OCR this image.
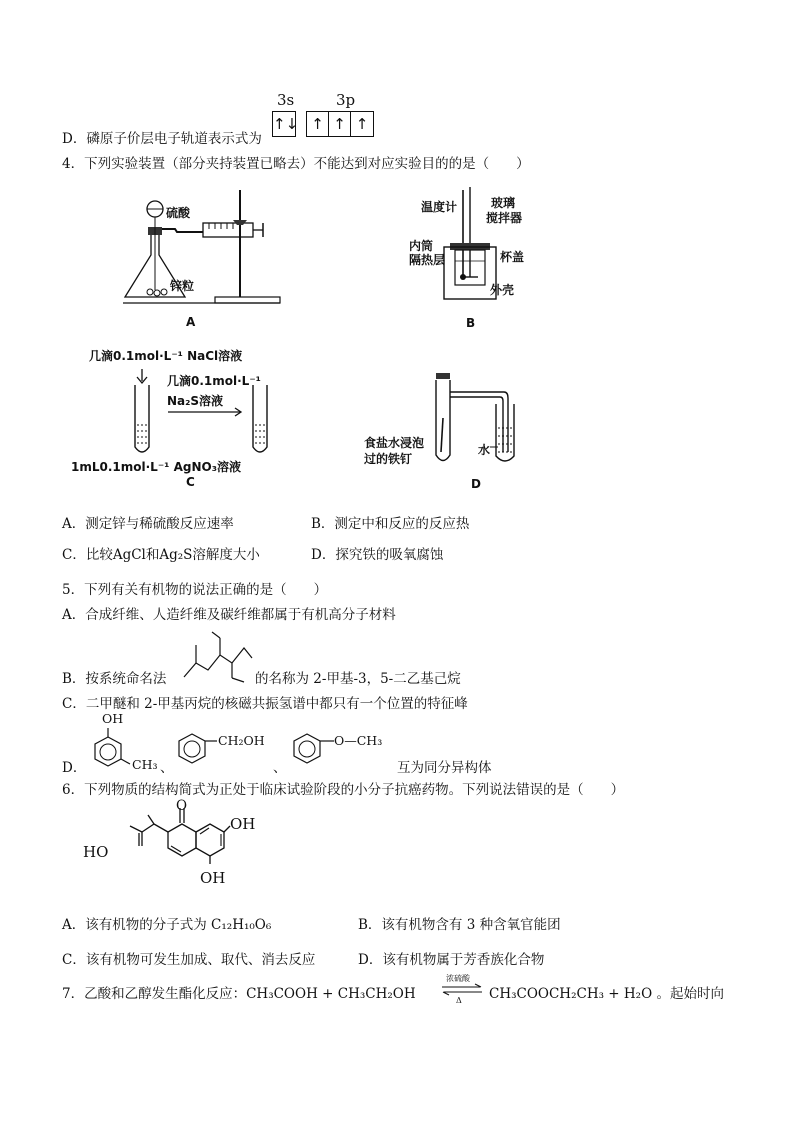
D．磷原子价层电子轨道表示式为
3s	3p
↑↓ ↑ ↑ ↑
4．下列实验装置（部分夹持装置已略去）不能达到对应实验目的的是（　　）
硫酸
锌粒
A
温度计	玻璃
搅拌器
内筒
隔热层	杯盖
外壳
B
几滴0.1mol·L⁻¹ NaCl溶液
几滴0.1mol·L⁻¹
Na₂S溶液
1mL0.1mol·L⁻¹ AgNO₃溶液
C
食盐水浸泡
过的铁钉
水
D
A．测定锌与稀硫酸反应速率	B．测定中和反应的反应热
C．比较AgCl和Ag₂S溶解度大小	D．探究铁的吸氧腐蚀
5．下列有关有机物的说法正确的是（　　）
A．合成纤维、人造纤维及碳纤维都属于有机高分子材料
B．按系统命名法	的名称为 2-甲基-3，5-二乙基己烷
C．二甲醚和 2-甲基丙烷的核磁共振氢谱中都只有一个位置的特征峰
D．
OH
CH₃ 、
CH₂OH
、
O—CH₃
互为同分异构体
6．下列物质的结构简式为正处于临床试验阶段的小分子抗癌药物。下列说法错误的是（　　）
O
OH
HO
OH
A．该有机物的分子式为 C₁₂H₁₀O₆	B．该有机物含有 3 种含氧官能团
C．该有机物可发生加成、取代、消去反应	D．该有机物属于芳香族化合物
7．乙酸和乙醇发生酯化反应：CH₃COOH + CH₃CH₂OH
浓硫酸
Δ CH₃COOCH₂CH₃ + H₂O 。起始时向
